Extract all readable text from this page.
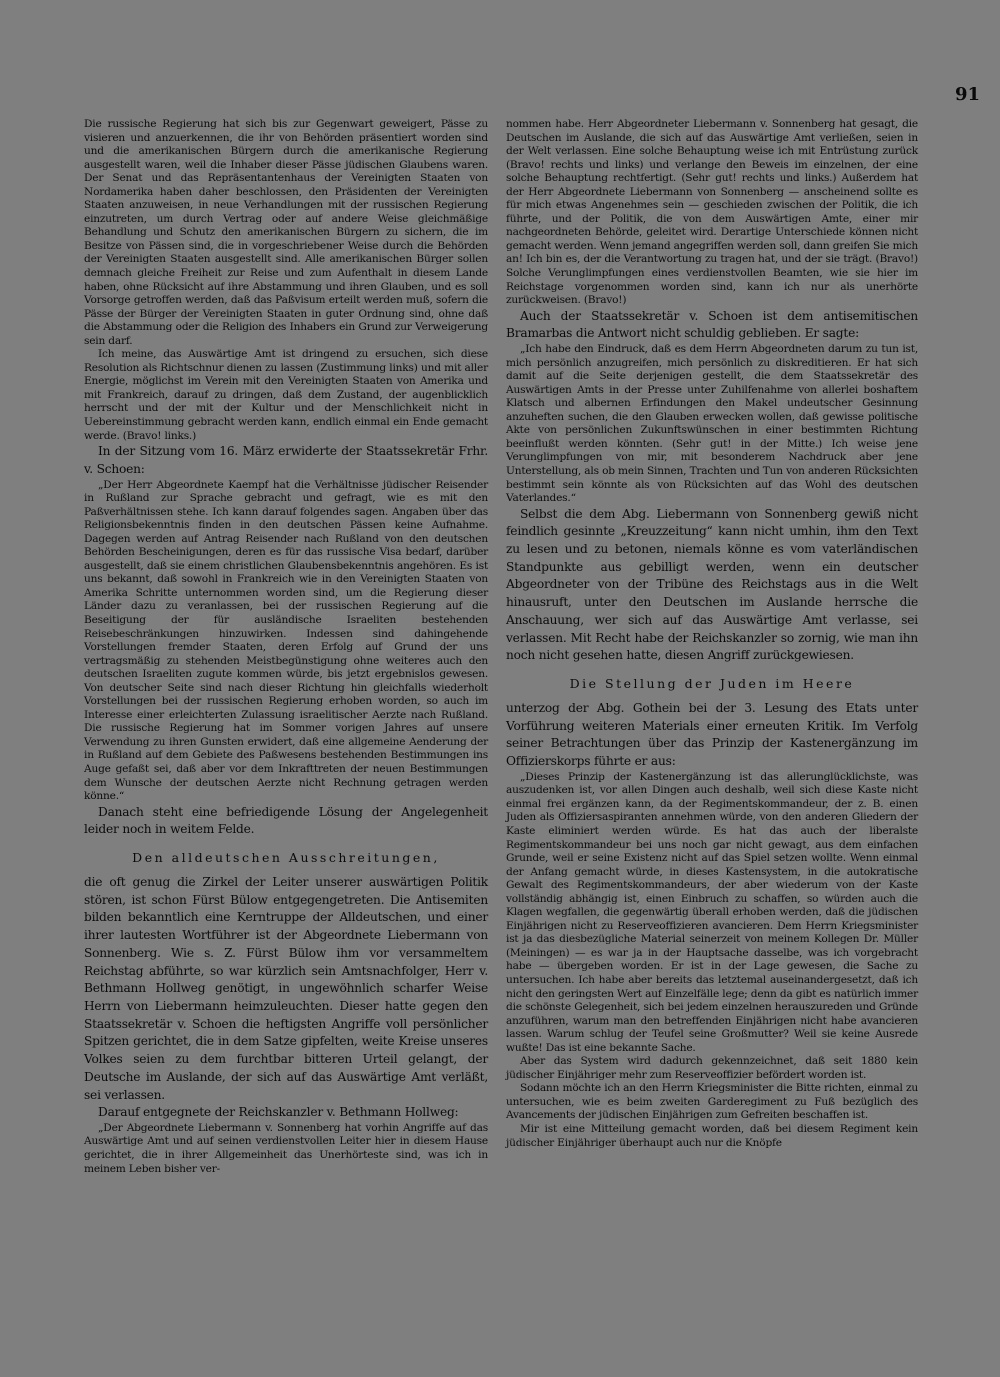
91

Die russische Regierung hat sich bis zur Gegenwart geweigert, Pässe zu visieren und anzuerkennen, die ihr von Behörden präsentiert worden sind und die amerikanischen Bürgern durch die amerikanische Regierung ausgestellt waren, weil die Inhaber dieser Pässe jüdischen Glaubens waren. Der Senat und das Repräsentantenhaus der Vereinigten Staaten von Nordamerika haben daher beschlossen, den Präsidenten der Vereinigten Staaten anzuweisen, in neue Verhandlungen mit der russischen Regierung einzutreten, um durch Vertrag oder auf andere Weise gleichmäßige Behandlung und Schutz den amerikanischen Bürgern zu sichern, die im Besitze von Pässen sind, die in vorgeschriebener Weise durch die Behörden der Vereinigten Staaten ausgestellt sind. Alle amerikanischen Bürger sollen demnach gleiche Freiheit zur Reise und zum Aufenthalt in diesem Lande haben, ohne Rücksicht auf ihre Abstammung und ihren Glauben, und es soll Vorsorge getroffen werden, daß das Paßvisum erteilt werden muß, sofern die Pässe der Bürger der Vereinigten Staaten in guter Ordnung sind, ohne daß die Abstammung oder die Religion des Inhabers ein Grund zur Verweigerung sein darf.

Ich meine, das Auswärtige Amt ist dringend zu ersuchen, sich diese Resolution als Richtschnur dienen zu lassen (Zustimmung links) und mit aller Energie, möglichst im Verein mit den Vereinigten Staaten von Amerika und mit Frankreich, darauf zu dringen, daß dem Zustand, der augenblicklich herrscht und der mit der Kultur und der Menschlichkeit nicht in Uebereinstimmung gebracht werden kann, endlich einmal ein Ende gemacht werde. (Bravo! links.)

In der Sitzung vom 16. März erwiderte der Staatssekretär Frhr. v. Schoen:

„Der Herr Abgeordnete Kaempf hat die Verhältnisse jüdischer Reisender in Rußland zur Sprache gebracht und gefragt, wie es mit den Paßverhältnissen stehe. Ich kann darauf folgendes sagen. Angaben über das Religionsbekenntnis finden in den deutschen Pässen keine Aufnahme. Dagegen werden auf Antrag Reisender nach Rußland von den deutschen Behörden Bescheinigungen, deren es für das russische Visa bedarf, darüber ausgestellt, daß sie einem christlichen Glaubensbekenntnis angehören. Es ist uns bekannt, daß sowohl in Frankreich wie in den Vereinigten Staaten von Amerika Schritte unternommen worden sind, um die Regierung dieser Länder dazu zu veranlassen, bei der russischen Regierung auf die Beseitigung der für ausländische Israeliten bestehenden Reisebeschränkungen hinzuwirken. Indessen sind dahingehende Vorstellungen fremder Staaten, deren Erfolg auf Grund der uns vertragsmäßig zu stehenden Meistbegünstigung ohne weiteres auch den deutschen Israeliten zugute kommen würde, bis jetzt ergebnislos gewesen. Von deutscher Seite sind nach dieser Richtung hin gleichfalls wiederholt Vorstellungen bei der russischen Regierung erhoben worden, so auch im Interesse einer erleichterten Zulassung israelitischer Aerzte nach Rußland. Die russische Regierung hat im Sommer vorigen Jahres auf unsere Verwendung zu ihren Gunsten erwidert, daß eine allgemeine Aenderung der in Rußland auf dem Gebiete des Paßwesens bestehenden Bestimmungen ins Auge gefaßt sei, daß aber vor dem Inkrafttreten der neuen Bestimmungen dem Wunsche der deutschen Aerzte nicht Rechnung getragen werden könne.“

Danach steht eine befriedigende Lösung der Angelegenheit leider noch in weitem Felde.

Den alldeutschen Ausschreitungen,

die oft genug die Zirkel der Leiter unserer auswärtigen Politik stören, ist schon Fürst Bülow entgegengetreten. Die Antisemiten bilden bekanntlich eine Kerntruppe der Alldeutschen, und einer ihrer lautesten Wortführer ist der Abgeordnete Liebermann von Sonnenberg. Wie s. Z. Fürst Bülow ihm vor versammeltem Reichstag abführte, so war kürzlich sein Amtsnachfolger, Herr v. Bethmann Hollweg genötigt, in ungewöhnlich scharfer Weise Herrn von Liebermann heimzuleuchten. Dieser hatte gegen den Staatssekretär v. Schoen die heftigsten Angriffe voll persönlicher Spitzen gerichtet, die in dem Satze gipfelten, weite Kreise unseres Volkes seien zu dem furchtbar bitteren Urteil gelangt, der Deutsche im Auslande, der sich auf das Auswärtige Amt verläßt, sei verlassen.

Darauf entgegnete der Reichskanzler v. Bethmann Hollweg:

„Der Abgeordnete Liebermann v. Sonnenberg hat vorhin Angriffe auf das Auswärtige Amt und auf seinen verdienstvollen Leiter hier in diesem Hause gerichtet, die in ihrer Allgemeinheit das Unerhörteste sind, was ich in meinem Leben bisher ver-

nommen habe. Herr Abgeordneter Liebermann v. Sonnenberg hat gesagt, die Deutschen im Auslande, die sich auf das Auswärtige Amt verließen, seien in der Welt verlassen. Eine solche Behauptung weise ich mit Entrüstung zurück (Bravo! rechts und links) und verlange den Beweis im einzelnen, der eine solche Behauptung rechtfertigt. (Sehr gut! rechts und links.) Außerdem hat der Herr Abgeordnete Liebermann von Sonnenberg — anscheinend sollte es für mich etwas Angenehmes sein — geschieden zwischen der Politik, die ich führte, und der Politik, die von dem Auswärtigen Amte, einer mir nachgeordneten Behörde, geleitet wird. Derartige Unterschiede können nicht gemacht werden. Wenn jemand angegriffen werden soll, dann greifen Sie mich an! Ich bin es, der die Verantwortung zu tragen hat, und der sie trägt. (Bravo!) Solche Verunglimpfungen eines verdienstvollen Beamten, wie sie hier im Reichstage vorgenommen worden sind, kann ich nur als unerhörte zurückweisen. (Bravo!)

Auch der Staatssekretär v. Schoen ist dem antisemitischen Bramarbas die Antwort nicht schuldig geblieben. Er sagte:

„Ich habe den Eindruck, daß es dem Herrn Abgeordneten darum zu tun ist, mich persönlich anzugreifen, mich persönlich zu diskreditieren. Er hat sich damit auf die Seite derjenigen gestellt, die dem Staatssekretär des Auswärtigen Amts in der Presse unter Zuhilfenahme von allerlei boshaftem Klatsch und albernen Erfindungen den Makel undeutscher Gesinnung anzuheften suchen, die den Glauben erwecken wollen, daß gewisse politische Akte von persönlichen Zukunftswünschen in einer bestimmten Richtung beeinflußt werden könnten. (Sehr gut! in der Mitte.) Ich weise jene Verunglimpfungen von mir, mit besonderem Nachdruck aber jene Unterstellung, als ob mein Sinnen, Trachten und Tun von anderen Rücksichten bestimmt sein könnte als von Rücksichten auf das Wohl des deutschen Vaterlandes.“

Selbst die dem Abg. Liebermann von Sonnenberg gewiß nicht feindlich gesinnte „Kreuzzeitung“ kann nicht umhin, ihm den Text zu lesen und zu betonen, niemals könne es vom vaterländischen Standpunkte aus gebilligt werden, wenn ein deutscher Abgeordneter von der Tribüne des Reichstags aus in die Welt hinausruft, unter den Deutschen im Auslande herrsche die Anschauung, wer sich auf das Auswärtige Amt verlasse, sei verlassen. Mit Recht habe der Reichskanzler so zornig, wie man ihn noch nicht gesehen hatte, diesen Angriff zurückgewiesen.

Die Stellung der Juden im Heere

unterzog der Abg. Gothein bei der 3. Lesung des Etats unter Vorführung weiteren Materials einer erneuten Kritik. Im Verfolg seiner Betrachtungen über das Prinzip der Kastenergänzung im Offizierskorps führte er aus:

„Dieses Prinzip der Kastenergänzung ist das allerunglücklichste, was auszudenken ist, vor allen Dingen auch deshalb, weil sich diese Kaste nicht einmal frei ergänzen kann, da der Regimentskommandeur, der z. B. einen Juden als Offiziersaspiranten annehmen würde, von den anderen Gliedern der Kaste eliminiert werden würde. Es hat das auch der liberalste Regimentskommandeur bei uns noch gar nicht gewagt, aus dem einfachen Grunde, weil er seine Existenz nicht auf das Spiel setzen wollte. Wenn einmal der Anfang gemacht würde, in dieses Kastensystem, in die autokratische Gewalt des Regimentskommandeurs, der aber wiederum von der Kaste vollständig abhängig ist, einen Einbruch zu schaffen, so würden auch die Klagen wegfallen, die gegenwärtig überall erhoben werden, daß die jüdischen Einjährigen nicht zu Reserveoffizieren avancieren. Dem Herrn Kriegsminister ist ja das diesbezügliche Material seinerzeit von meinem Kollegen Dr. Müller (Meiningen) — es war ja in der Hauptsache dasselbe, was ich vorgebracht habe — übergeben worden. Er ist in der Lage gewesen, die Sache zu untersuchen. Ich habe aber bereits das letztemal auseinandergesetzt, daß ich nicht den geringsten Wert auf Einzelfälle lege; denn da gibt es natürlich immer die schönste Gelegenheit, sich bei jedem einzelnen herauszureden und Gründe anzuführen, warum man den betreffenden Einjährigen nicht habe avancieren lassen. Warum schlug der Teufel seine Großmutter? Weil sie keine Ausrede wußte! Das ist eine bekannte Sache.

Aber das System wird dadurch gekennzeichnet, daß seit 1880 kein jüdischer Einjähriger mehr zum Reserveoffizier befördert worden ist.

Sodann möchte ich an den Herrn Kriegsminister die Bitte richten, einmal zu untersuchen, wie es beim zweiten Garderegiment zu Fuß bezüglich des Avancements der jüdischen Einjährigen zum Gefreiten beschaffen ist.

Mir ist eine Mitteilung gemacht worden, daß bei diesem Regiment kein jüdischer Einjähriger überhaupt auch nur die Knöpfe
